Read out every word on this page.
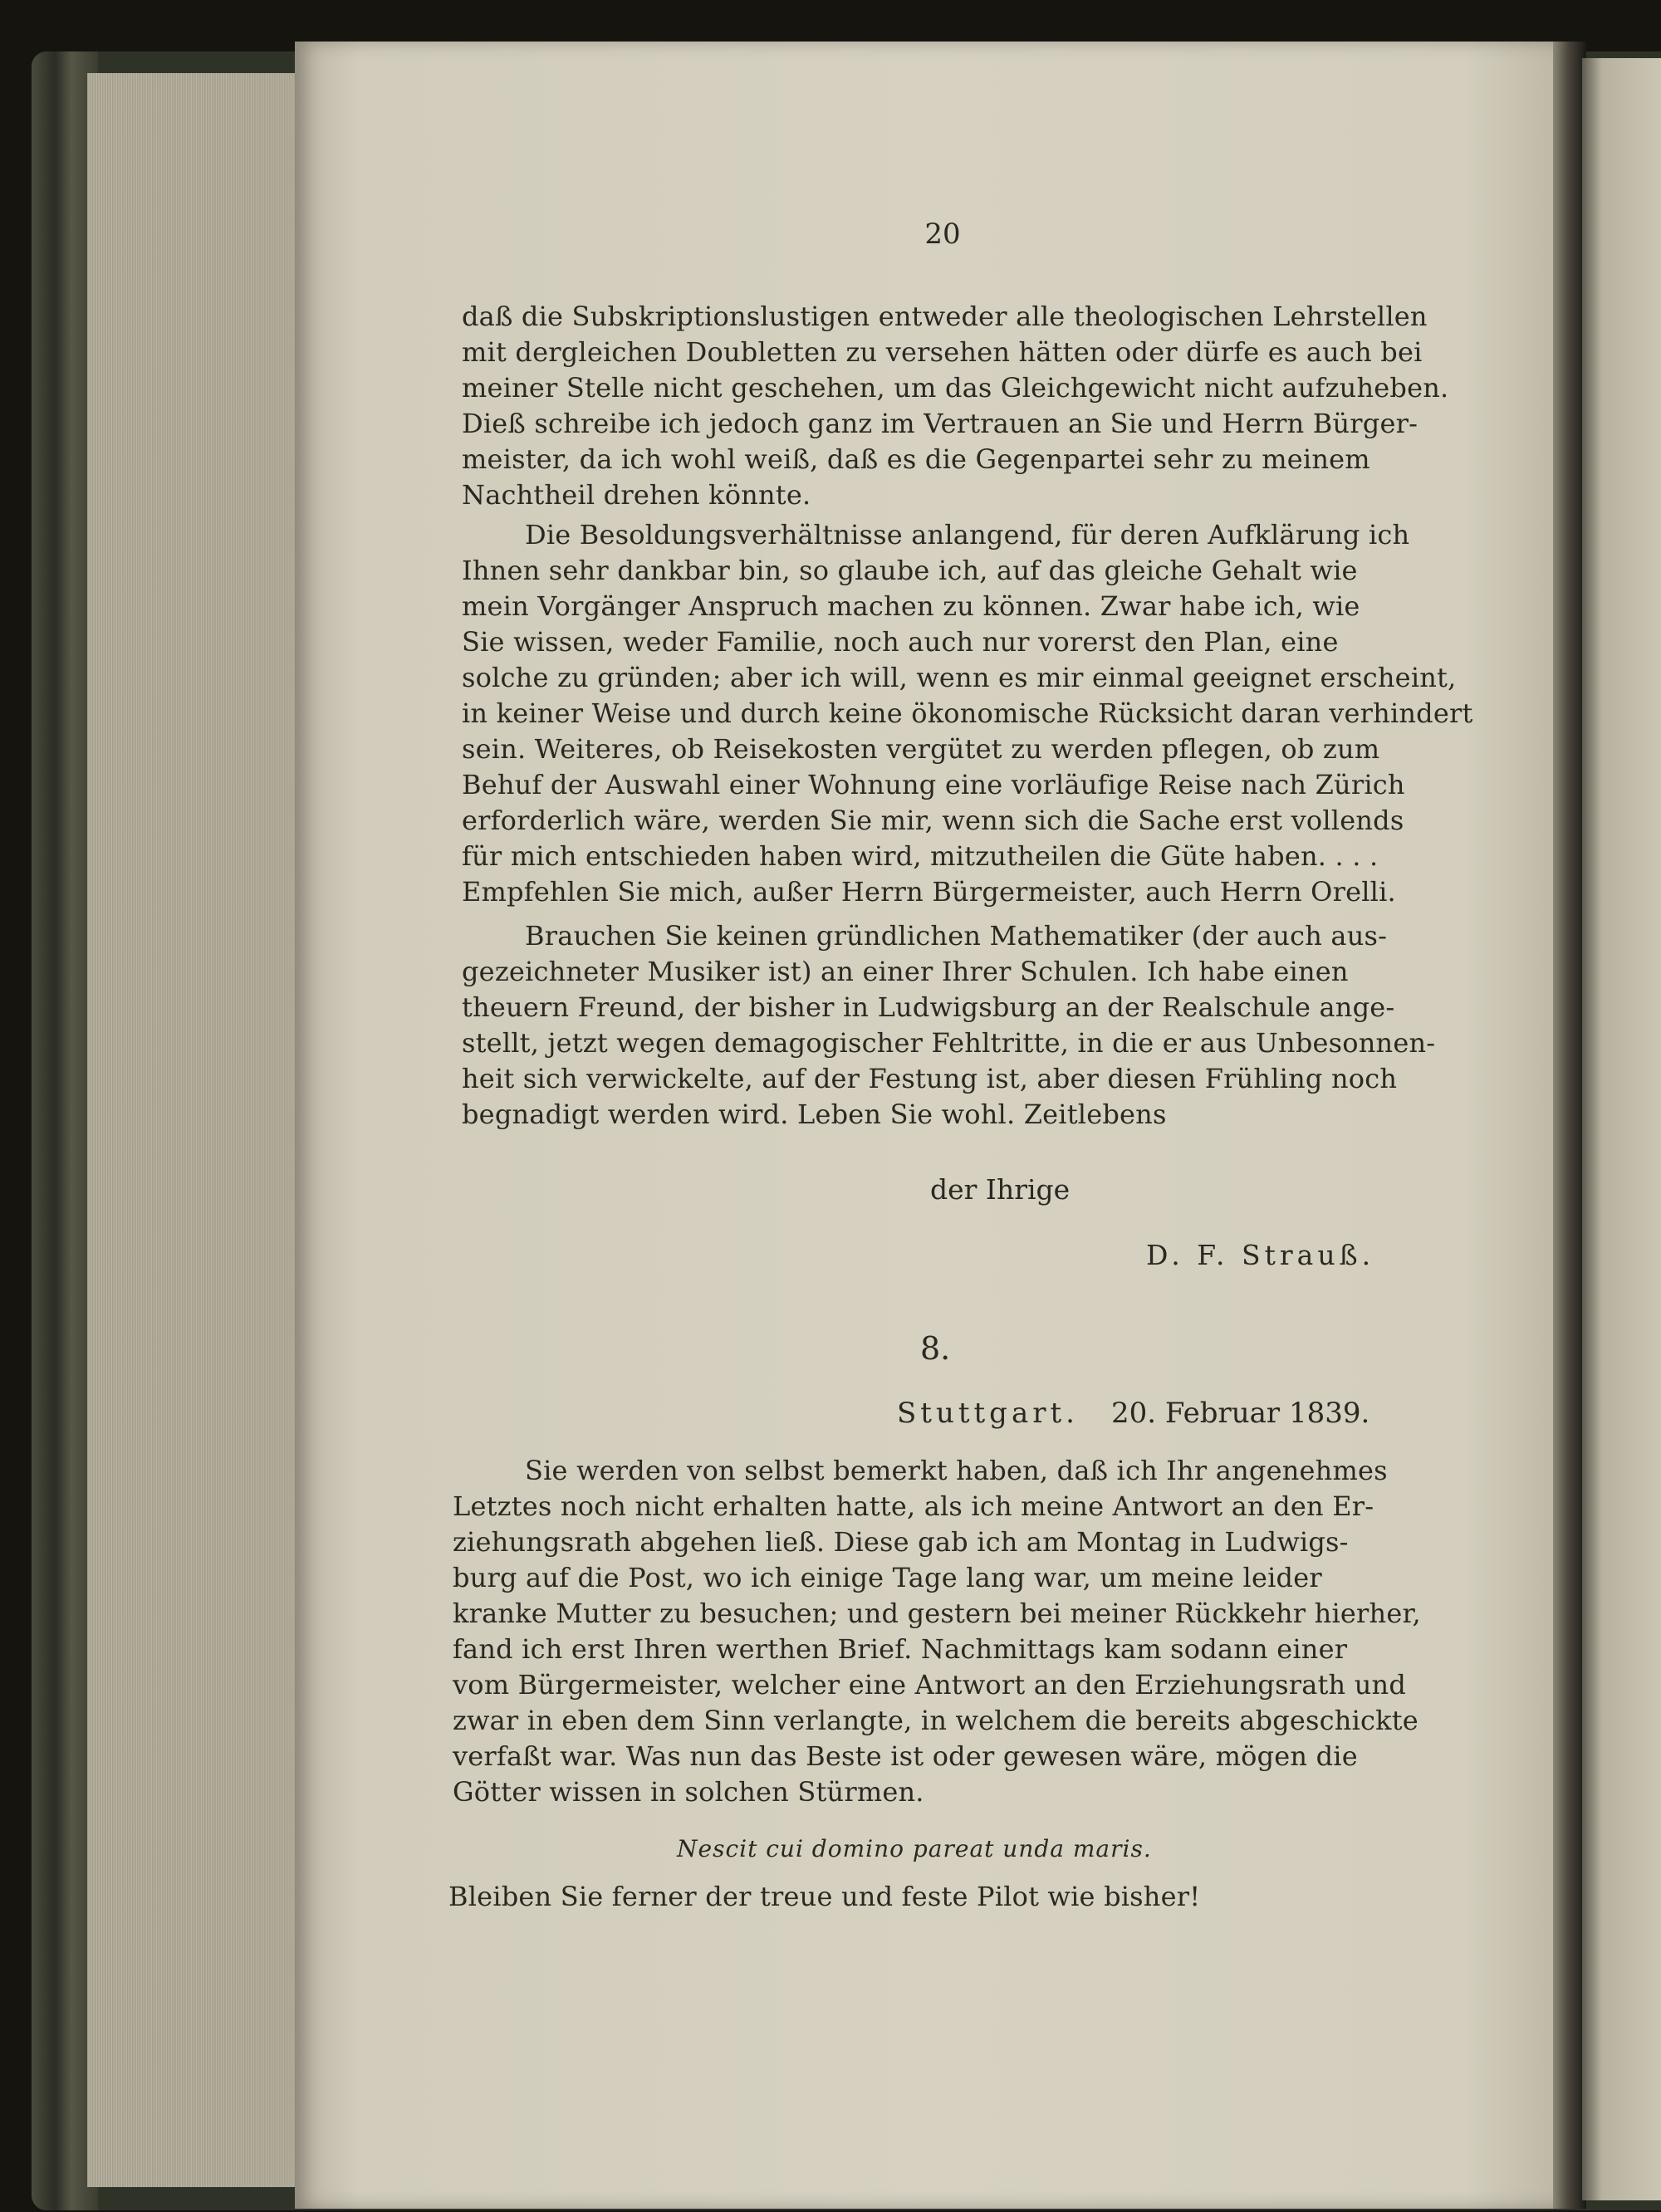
20
daß die Subskriptionslustigen entweder alle theologischen Lehrstellen
mit dergleichen Doubletten zu versehen hätten oder dürfe es auch bei
meiner Stelle nicht geschehen, um das Gleichgewicht nicht aufzuheben.
Dieß schreibe ich jedoch ganz im Vertrauen an Sie und Herrn Bürger-
meister, da ich wohl weiß, daß es die Gegenpartei sehr zu meinem
Nachtheil drehen könnte.
Die Besoldungsverhältnisse anlangend, für deren Aufklärung ich
Ihnen sehr dankbar bin, so glaube ich, auf das gleiche Gehalt wie
mein Vorgänger Anspruch machen zu können. Zwar habe ich, wie
Sie wissen, weder Familie, noch auch nur vorerst den Plan, eine
solche zu gründen; aber ich will, wenn es mir einmal geeignet erscheint,
in keiner Weise und durch keine ökonomische Rücksicht daran verhindert
sein. Weiteres, ob Reisekosten vergütet zu werden pflegen, ob zum
Behuf der Auswahl einer Wohnung eine vorläufige Reise nach Zürich
erforderlich wäre, werden Sie mir, wenn sich die Sache erst vollends
für mich entschieden haben wird, mitzutheilen die Güte haben. . . .
Empfehlen Sie mich, außer Herrn Bürgermeister, auch Herrn Orelli.
Brauchen Sie keinen gründlichen Mathematiker (der auch aus-
gezeichneter Musiker ist) an einer Ihrer Schulen. Ich habe einen
theuern Freund, der bisher in Ludwigsburg an der Realschule ange-
stellt, jetzt wegen demagogischer Fehltritte, in die er aus Unbesonnen-
heit sich verwickelte, auf der Festung ist, aber diesen Frühling noch
begnadigt werden wird. Leben Sie wohl. Zeitlebens
der Ihrige
D. F. Strauß.
8.
Stuttgart. 20. Februar 1839.
Sie werden von selbst bemerkt haben, daß ich Ihr angenehmes
Letztes noch nicht erhalten hatte, als ich meine Antwort an den Er-
ziehungsrath abgehen ließ. Diese gab ich am Montag in Ludwigs-
burg auf die Post, wo ich einige Tage lang war, um meine leider
kranke Mutter zu besuchen; und gestern bei meiner Rückkehr hierher,
fand ich erst Ihren werthen Brief. Nachmittags kam sodann einer
vom Bürgermeister, welcher eine Antwort an den Erziehungsrath und
zwar in eben dem Sinn verlangte, in welchem die bereits abgeschickte
verfaßt war. Was nun das Beste ist oder gewesen wäre, mögen die
Götter wissen in solchen Stürmen.
Nescit cui domino pareat unda maris.
Bleiben Sie ferner der treue und feste Pilot wie bisher!
